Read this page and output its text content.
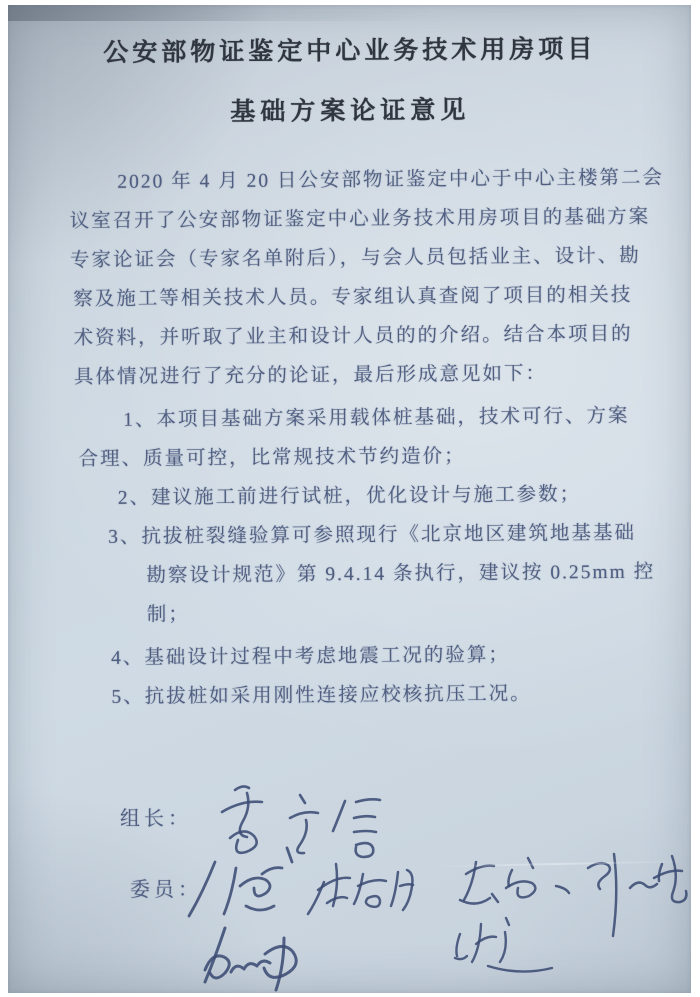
公安部物证鉴定中心业务技术用房项目
基础方案论证意见
2020 年 4 月 20 日公安部物证鉴定中心于中心主楼第二会
议室召开了公安部物证鉴定中心业务技术用房项目的基础方案
专家论证会（专家名单附后），与会人员包括业主、设计、勘
察及施工等相关技术人员。专家组认真查阅了项目的相关技
术资料，并听取了业主和设计人员的的介绍。结合本项目的
具体情况进行了充分的论证，最后形成意见如下：
1、本项目基础方案采用载体桩基础，技术可行、方案
合理、质量可控，比常规技术节约造价；
2、建议施工前进行试桩，优化设计与施工参数；
3、抗拔桩裂缝验算可参照现行《北京地区建筑地基基础
勘察设计规范》第 9.4.14 条执行，建议按 0.25mm 控
制；
4、基础设计过程中考虑地震工况的验算；
5、抗拔桩如采用刚性连接应校核抗压工况。
组长：
委员：
